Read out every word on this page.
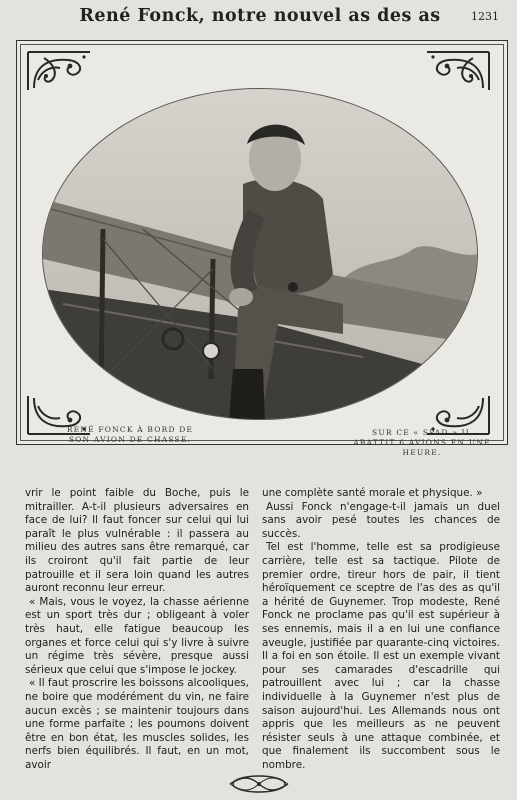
René Fonck, notre nouvel as des as	1231
RENÉ FONCK À BORD DE SON AVION DE CHASSE.
SUR CE « SPAD » IL ABATTIT 6 AVIONS EN UNE HEURE.

vrir le point faible du Boche, puis le mitrailler. A-t-il plusieurs adversaires en face de lui? Il faut foncer sur celui qui lui paraît le plus vulnérable : il passera au milieu des autres sans être remarqué, car ils croiront qu'il fait partie de leur patrouille et il sera loin quand les autres auront reconnu leur erreur.

« Mais, vous le voyez, la chasse aérienne est un sport très dur ; obligeant à voler très haut, elle fatigue beaucoup les organes et force celui qui s'y livre à suivre un régime très sévère, presque aussi sérieux que celui que s'impose le jockey.

« Il faut proscrire les boissons alcooliques, ne boire que modérément du vin, ne faire aucun excès ; se maintenir toujours dans une forme parfaite ; les poumons doivent être en bon état, les muscles solides, les nerfs bien équilibrés. Il faut, en un mot, avoir

une complète santé morale et physique. »

Aussi Fonck n'engage-t-il jamais un duel sans avoir pesé toutes les chances de succès.

Tel est l'homme, telle est sa prodigieuse carrière, telle est sa tactique. Pilote de premier ordre, tireur hors de pair, il tient héroïquement ce sceptre de l'as des as qu'il a hérité de Guynemer. Trop modeste, René Fonck ne proclame pas qu'il est supérieur à ses ennemis, mais il a en lui une confiance aveugle, justifiée par quarante-cinq victoires. Il a foi en son étoile. Il est un exemple vivant pour ses camarades d'escadrille qui patrouillent avec lui ; car la chasse individuelle à la Guynemer n'est plus de saison aujourd'hui. Les Allemands nous ont appris que les meilleurs as ne peuvent résister seuls à une attaque combinée, et que finalement ils succombent sous le nombre.
